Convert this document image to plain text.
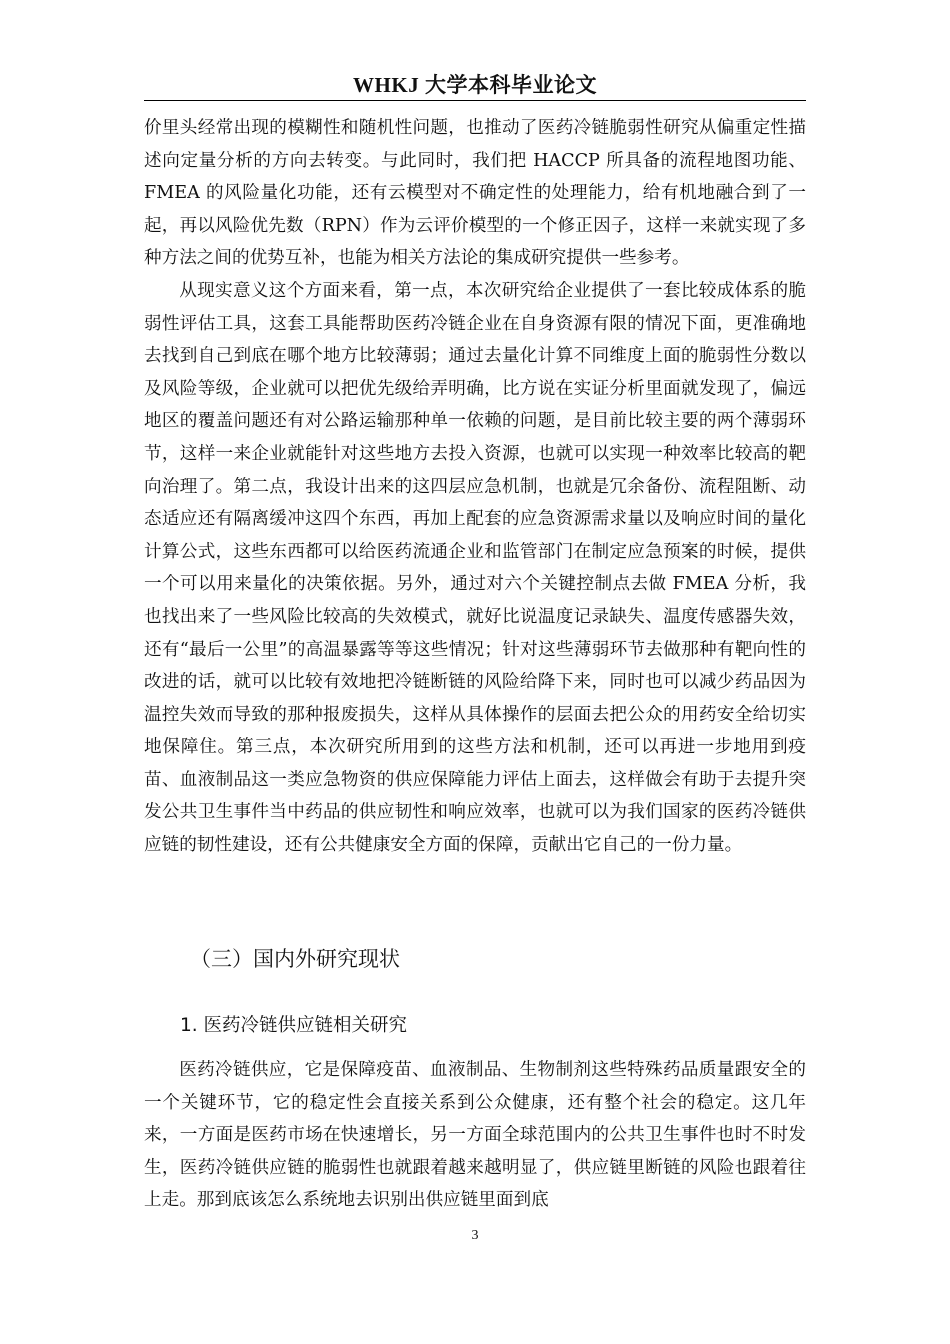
WHKJ 大学本科毕业论文

价里头经常出现的模糊性和随机性问题，也推动了医药冷链脆弱性研究从偏重定性描述向定量分析的方向去转变。与此同时，我们把 HACCP 所具备的流程地图功能、FMEA 的风险量化功能，还有云模型对不确定性的处理能力，给有机地融合到了一起，再以风险优先数（RPN）作为云评价模型的一个修正因子，这样一来就实现了多种方法之间的优势互补，也能为相关方法论的集成研究提供一些参考。

从现实意义这个方面来看，第一点，本次研究给企业提供了一套比较成体系的脆弱性评估工具，这套工具能帮助医药冷链企业在自身资源有限的情况下面，更准确地去找到自己到底在哪个地方比较薄弱；通过去量化计算不同维度上面的脆弱性分数以及风险等级，企业就可以把优先级给弄明确，比方说在实证分析里面就发现了，偏远地区的覆盖问题还有对公路运输那种单一依赖的问题，是目前比较主要的两个薄弱环节，这样一来企业就能针对这些地方去投入资源，也就可以实现一种效率比较高的靶向治理了。第二点，我设计出来的这四层应急机制，也就是冗余备份、流程阻断、动态适应还有隔离缓冲这四个东西，再加上配套的应急资源需求量以及响应时间的量化计算公式，这些东西都可以给医药流通企业和监管部门在制定应急预案的时候，提供一个可以用来量化的决策依据。另外，通过对六个关键控制点去做 FMEA 分析，我也找出来了一些风险比较高的失效模式，就好比说温度记录缺失、温度传感器失效，还有“最后一公里”的高温暴露等等这些情况；针对这些薄弱环节去做那种有靶向性的改进的话，就可以比较有效地把冷链断链的风险给降下来，同时也可以减少药品因为温控失效而导致的那种报废损失，这样从具体操作的层面去把公众的用药安全给切实地保障住。第三点，本次研究所用到的这些方法和机制，还可以再进一步地用到疫苗、血液制品这一类应急物资的供应保障能力评估上面去，这样做会有助于去提升突发公共卫生事件当中药品的供应韧性和响应效率，也就可以为我们国家的医药冷链供应链的韧性建设，还有公共健康安全方面的保障，贡献出它自己的一份力量。

（三）国内外研究现状
1. 医药冷链供应链相关研究

医药冷链供应，它是保障疫苗、血液制品、生物制剂这些特殊药品质量跟安全的一个关键环节，它的稳定性会直接关系到公众健康，还有整个社会的稳定。这几年来，一方面是医药市场在快速增长，另一方面全球范围内的公共卫生事件也时不时发生，医药冷链供应链的脆弱性也就跟着越来越明显了，供应链里断链的风险也跟着往上走。那到底该怎么系统地去识别出供应链里面到底

3
